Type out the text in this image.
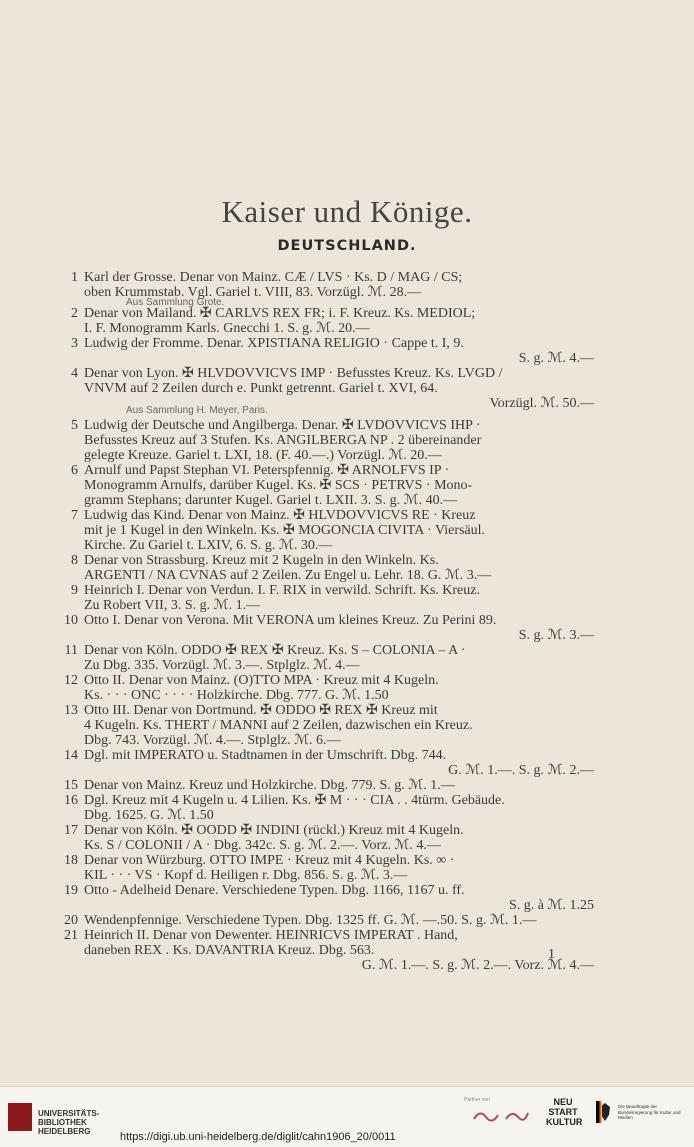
Kaiser und Könige.
DEUTSCHLAND.
1 Karl der Grosse. Denar von Mainz. CÆ / LVS · Ks. D / MAG / CS;
oben Krummstab. Vgl. Gariel t. VIII, 83. Vorzügl. ℳ. 28.—
2 Denar von Mailand. ✠ CARLVS REX FR; i. F. Kreuz. Ks. MEDIOL;
I. F. Monogramm Karls. Gnecchi 1. S. g. ℳ. 20.—
3 Ludwig der Fromme. Denar. XPISTIANA RELIGIO · Cappe t. I, 9.
S. g. ℳ. 4.—
4 Denar von Lyon. ✠ HLVDOVVICVS IMP · Befusstes Kreuz. Ks. LVGD /
VNVM auf 2 Zeilen durch e. Punkt getrennt. Gariel t. XVI, 64.
Vorzügl. ℳ. 50.—
5 Ludwig der Deutsche und Angilberga. Denar. ✠ LVDOVVICVS IHP ·
Befusstes Kreuz auf 3 Stufen. Ks. ANGILBERGA NP . 2 übereinander
gelegte Kreuze. Gariel t. LXI, 18. (F. 40.—.) Vorzügl. ℳ. 20.—
6 Arnulf und Papst Stephan VI. Peterspfennig. ✠ ARNOLFVS IP ·
Monogramm Arnulfs, darüber Kugel. Ks. ✠ SCS · PETRVS · Mono-
gramm Stephans; darunter Kugel. Gariel t. LXII. 3. S. g. ℳ. 40.—
7 Ludwig das Kind. Denar von Mainz. ✠ HLVDOVVICVS RE · Kreuz
mit je 1 Kugel in den Winkeln. Ks. ✠ MOGONCIA CIVITA · Viersäul.
Kirche. Zu Gariel t. LXIV, 6. S. g. ℳ. 30.—
8 Denar von Strassburg. Kreuz mit 2 Kugeln in den Winkeln. Ks.
ARGENTI / NA CVNAS auf 2 Zeilen. Zu Engel u. Lehr. 18. G. ℳ. 3.—
9 Heinrich I. Denar von Verdun. I. F. RIX in verwild. Schrift. Ks. Kreuz.
Zu Robert VII, 3. S. g. ℳ. 1.—
10 Otto I. Denar von Verona. Mit VERONA um kleines Kreuz. Zu Perini 89.
S. g. ℳ. 3.—
11 Denar von Köln. ODDO ✠ REX ✠ Kreuz. Ks. S – COLONIA – A ·
Zu Dbg. 335. Vorzügl. ℳ. 3.—. Stplglz. ℳ. 4.—
12 Otto II. Denar von Mainz. (O)TTO MPA · Kreuz mit 4 Kugeln.
Ks. · · · ONC · · · · Holzkirche. Dbg. 777. G. ℳ. 1.50
13 Otto III. Denar von Dortmund. ✠ ODDO ✠ REX ✠ Kreuz mit
4 Kugeln. Ks. THERT / MANNI auf 2 Zeilen, dazwischen ein Kreuz.
Dbg. 743. Vorzügl. ℳ. 4.—. Stplglz. ℳ. 6.—
14 Dgl. mit IMPERATO u. Stadtnamen in der Umschrift. Dbg. 744.
G. ℳ. 1.—. S. g. ℳ. 2.—
15 Denar von Mainz. Kreuz und Holzkirche. Dbg. 779. S. g. ℳ. 1.—
16 Dgl. Kreuz mit 4 Kugeln u. 4 Lilien. Ks. ✠ M · · · CIA . . 4türm. Gebäude.
Dbg. 1625. G. ℳ. 1.50
17 Denar von Köln. ✠ OODD ✠ INDINI (rückl.) Kreuz mit 4 Kugeln.
Ks. S / COLONII / A · Dbg. 342c. S. g. ℳ. 2.—. Vorz. ℳ. 4.—
18 Denar von Würzburg. OTTO IMPE · Kreuz mit 4 Kugeln. Ks. ∞ ·
KIL · · · VS · Kopf d. Heiligen r. Dbg. 856. S. g. ℳ. 3.—
19 Otto - Adelheid Denare. Verschiedene Typen. Dbg. 1166, 1167 u. ff.
S. g. à ℳ. 1.25
20 Wendenpfennige. Verschiedene Typen. Dbg. 1325 ff. G. ℳ. —.50. S. g. ℳ. 1.—
21 Heinrich II. Denar von Dewenter. HEINRICVS IMPERAT . Hand,
daneben REX . Ks. DAVANTRIA Kreuz. Dbg. 563.
G. ℳ. 1.—. S. g. ℳ. 2.—. Vorz. ℳ. 4.—
Aus Sammlung Grote.
Aus Sammlung H. Meyer, Paris.
1
UNIVERSITÄTS-
BIBLIOTHEK
HEIDELBERG	https://digi.ub.uni-heidelberg.de/diglit/cahn1906_20/0011
Partner von	NEU
START
KULTUR
Die Beauftragte der Bundesregierung für Kultur und Medien
